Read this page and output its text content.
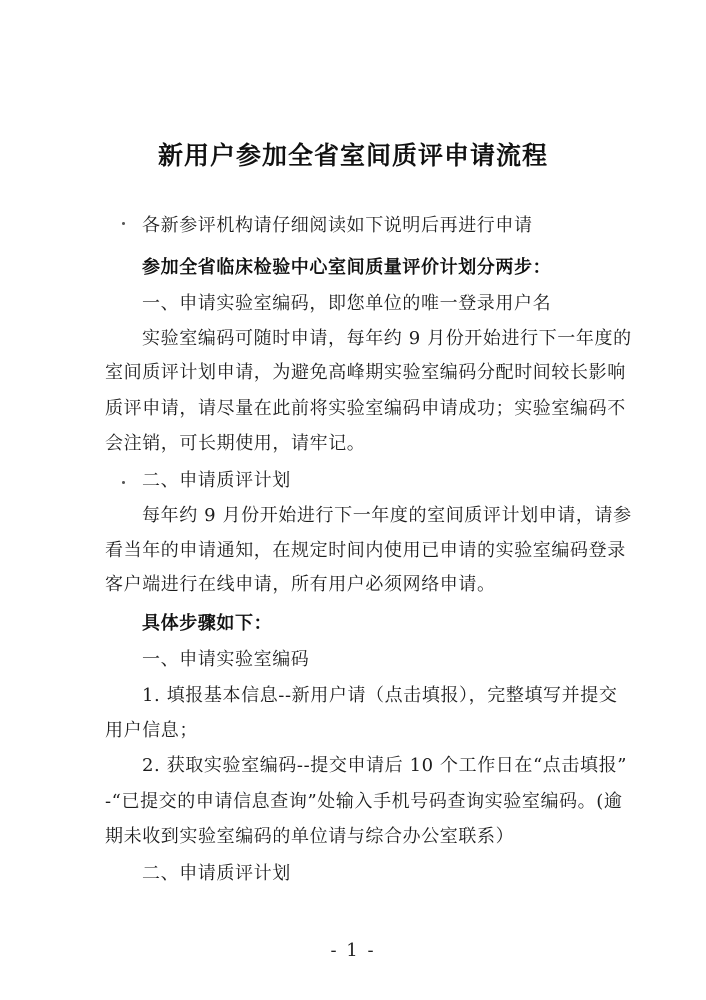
新用户参加全省室间质评申请流程
各新参评机构请仔细阅读如下说明后再进行申请
参加全省临床检验中心室间质量评价计划分两步：
一、申请实验室编码，即您单位的唯一登录用户名
实验室编码可随时申请，每年约 9 月份开始进行下一年度的
室间质评计划申请，为避免高峰期实验室编码分配时间较长影响
质评申请，请尽量在此前将实验室编码申请成功；实验室编码不
会注销，可长期使用，请牢记。
二、申请质评计划
每年约 9 月份开始进行下一年度的室间质评计划申请，请参
看当年的申请通知，在规定时间内使用已申请的实验室编码登录
客户端进行在线申请，所有用户必须网络申请。
具体步骤如下：
一、申请实验室编码
1. 填报基本信息--新用户请（点击填报），完整填写并提交
用户信息；
2. 获取实验室编码--提交申请后 10 个工作日在“点击填报”
-“已提交的申请信息查询”处输入手机号码查询实验室编码。(逾
期未收到实验室编码的单位请与综合办公室联系）
二、申请质评计划
- 1 -
